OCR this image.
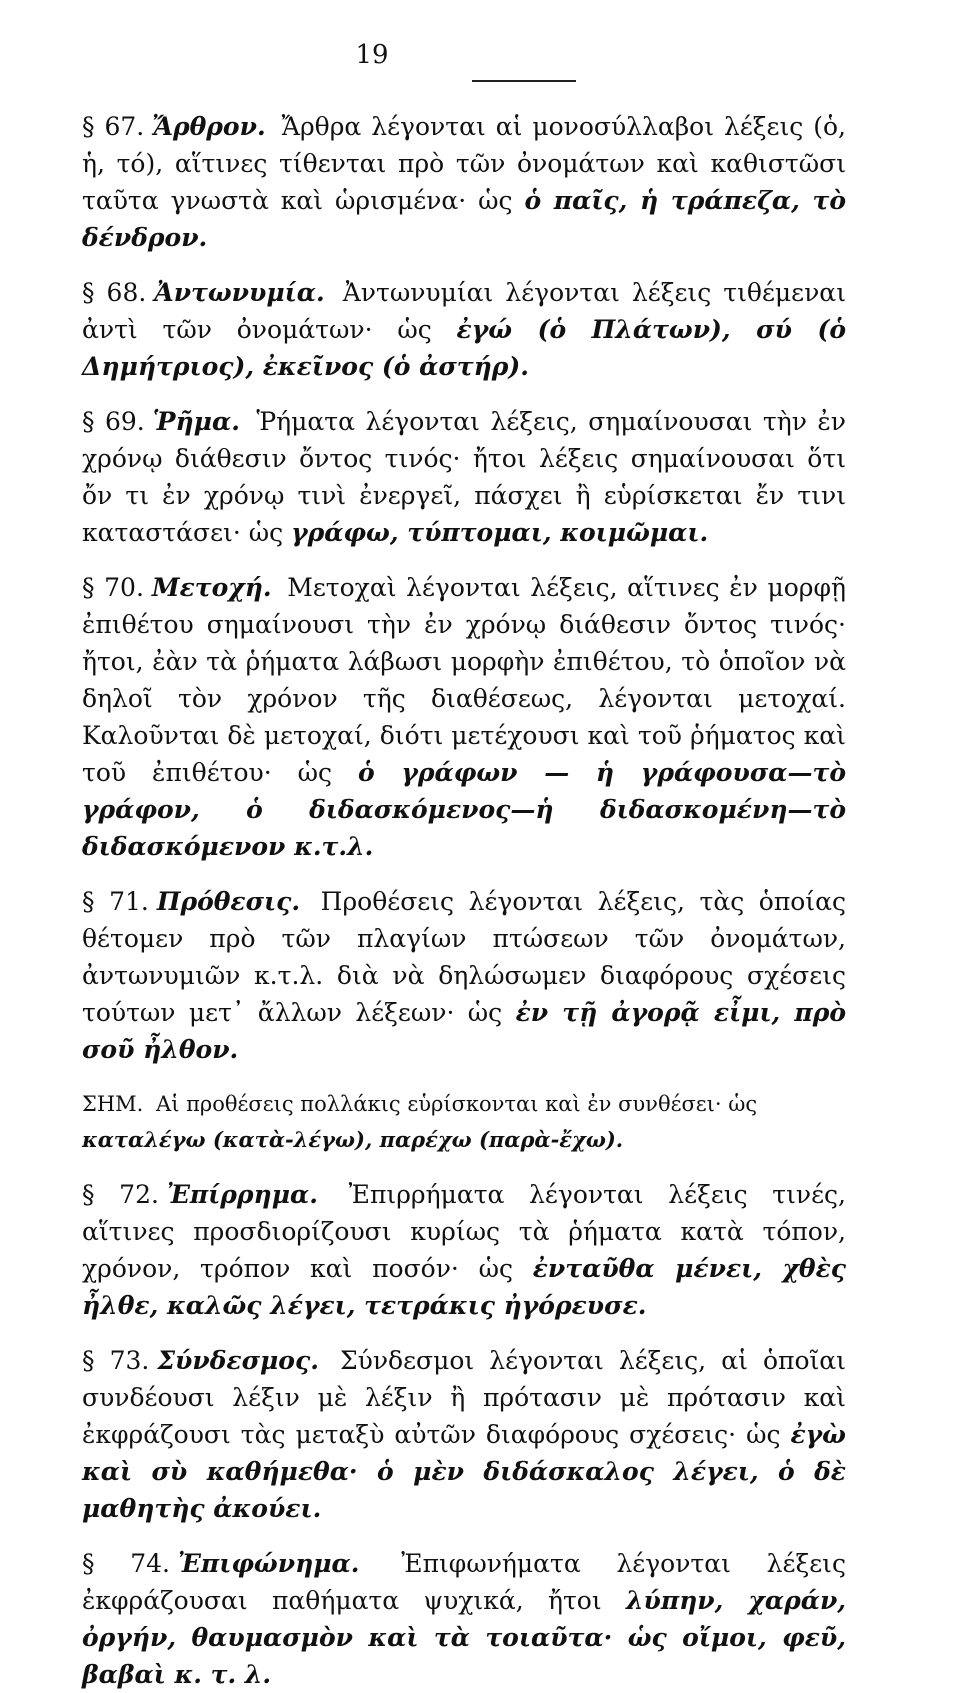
19

§ 67. Ἄρθρον. Ἄρθρα λέγονται αἱ μονοσύλλαβοι λέξεις (ὁ, ἡ, τό), αἵτινες τίθενται πρὸ τῶν ὀνομάτων καὶ καθιστῶσι ταῦτα γνωστὰ καὶ ὡρισμένα· ὡς ὁ παῖς, ἡ τράπεζα, τὸ δένδρον.

§ 68. Ἀντωνυμία. Ἀντωνυμίαι λέγονται λέξεις τιθέμεναι ἀντὶ τῶν ὀνομάτων· ὡς ἐγώ (ὁ Πλάτων), σύ (ὁ Δημήτριος), ἐκεῖνος (ὁ ἀστήρ).

§ 69. Ῥῆμα. Ῥήματα λέγονται λέξεις, σημαίνουσαι τὴν ἐν χρόνῳ διάθεσιν ὄντος τινός· ἤτοι λέξεις σημαίνουσαι ὅτι ὄν τι ἐν χρόνῳ τινὶ ἐνεργεῖ, πάσχει ἢ εὑρίσκεται ἔν τινι καταστάσει· ὡς γράφω, τύπτομαι, κοιμῶμαι.

§ 70. Μετοχή. Μετοχαὶ λέγονται λέξεις, αἵτινες ἐν μορφῇ ἐπιθέτου σημαίνουσι τὴν ἐν χρόνῳ διάθεσιν ὄντος τινός· ἤτοι, ἐὰν τὰ ῥήματα λάβωσι μορφὴν ἐπιθέτου, τὸ ὁποῖον νὰ δηλοῖ τὸν χρόνον τῆς διαθέσεως, λέγονται μετοχαί. Καλοῦνται δὲ μετοχαί, διότι μετέχουσι καὶ τοῦ ῥήματος καὶ τοῦ ἐπιθέτου· ὡς ὁ γράφων — ἡ γράφουσα—τὸ γράφον, ὁ διδασκόμενος—ἡ διδασκομένη—τὸ διδασκόμενον κ.τ.λ.

§ 71. Πρόθεσις. Προθέσεις λέγονται λέξεις, τὰς ὁποίας θέτομεν πρὸ τῶν πλαγίων πτώσεων τῶν ὀνομάτων, ἀντωνυμιῶν κ.τ.λ. διὰ νὰ δηλώσωμεν διαφόρους σχέσεις τούτων μετ᾽ ἄλλων λέξεων· ὡς ἐν τῇ ἀγορᾷ εἶμι, πρὸ σοῦ ἦλθον.

ΣΗΜ. Αἱ προθέσεις πολλάκις εὑρίσκονται καὶ ἐν συνθέσει· ὡς καταλέγω (κατὰ-λέγω), παρέχω (παρὰ-ἔχω).

§ 72. Ἐπίρρημα. Ἐπιρρήματα λέγονται λέξεις τινές, αἵτινες προσδιορίζουσι κυρίως τὰ ῥήματα κατὰ τόπον, χρόνον, τρόπον καὶ ποσόν· ὡς ἐνταῦθα μένει, χθὲς ἦλθε, καλῶς λέγει, τετράκις ἠγόρευσε.

§ 73. Σύνδεσμος. Σύνδεσμοι λέγονται λέξεις, αἱ ὁποῖαι συνδέουσι λέξιν μὲ λέξιν ἢ πρότασιν μὲ πρότασιν καὶ ἐκφράζουσι τὰς μεταξὺ αὐτῶν διαφόρους σχέσεις· ὡς ἐγὼ καὶ σὺ καθήμεθα· ὁ μὲν διδάσκαλος λέγει, ὁ δὲ μαθητὴς ἀκούει.

§ 74. Ἐπιφώνημα. Ἐπιφωνήματα λέγονται λέξεις ἐκφράζουσαι παθήματα ψυχικά, ἤτοι λύπην, χαράν, ὀργήν, θαυμασμὸν καὶ τὰ τοιαῦτα· ὡς οἴμοι, φεῦ, βαβαὶ κ. τ. λ.
